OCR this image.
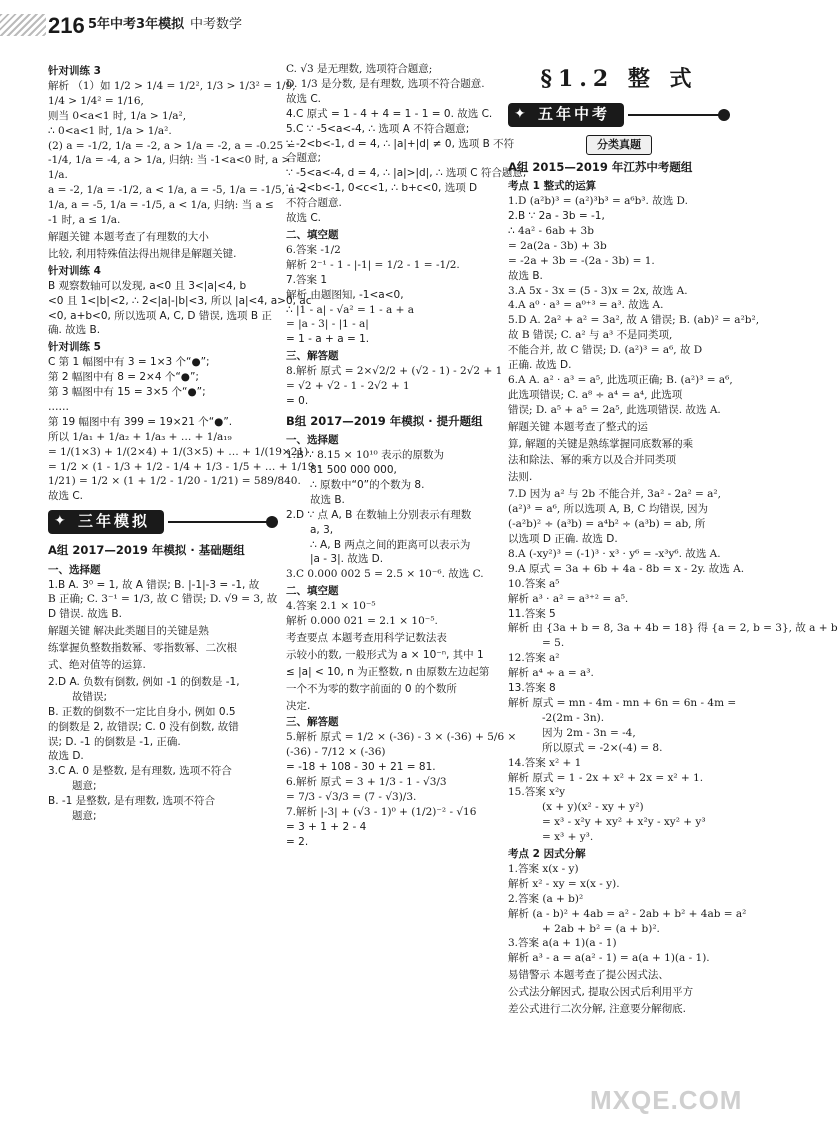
216 5年中考3年模拟 中考数学
针对训练 3
解析 （1）如 1/2 > 1/4 = 1/2², 1/3 > 1/3² = 1/9,
1/4 > 1/4² = 1/16,
则当 0<a<1 时, 1/a > 1/a²,
∴ 0<a<1 时, 1/a > 1/a².
(2) a = -1/2, 1/a = -2, a > 1/a = -2, a = -0.25 =
-1/4, 1/a = -4, a > 1/a, 归纳: 当 -1<a<0 时, a >
1/a.
a = -2, 1/a = -1/2, a < 1/a, a = -5, 1/a = -1/5, a <
1/a, a = -5, 1/a = -1/5, a < 1/a, 归纳: 当 a ≤
-1 时, a ≤ 1/a.
解题关键 本题考查了有理数的大小
比较, 利用特殊值法得出规律是解题关键.
针对训练 4
B 观察数轴可以发现, a<0 且 3<|a|<4, b
<0 且 1<|b|<2, ∴ 2<|a|-|b|<3, 所以 |a|<4, a>0, ac
<0, a+b<0, 所以选项 A, C, D 错误, 选项 B 正
确. 故选 B.
针对训练 5
C 第 1 幅图中有 3 = 1×3 个“●”;
第 2 幅图中有 8 = 2×4 个“●”;
第 3 幅图中有 15 = 3×5 个“●”;
……
第 19 幅图中有 399 = 19×21 个“●”.
所以 1/a₁ + 1/a₂ + 1/a₃ + … + 1/a₁₉
= 1/(1×3) + 1/(2×4) + 1/(3×5) + … + 1/(19×21)
= 1/2 × (1 - 1/3 + 1/2 - 1/4 + 1/3 - 1/5 + … + 1/19 -
1/21) = 1/2 × (1 + 1/2 - 1/20 - 1/21) = 589/840.
故选 C.
三年模拟
✦
A组 2017—2019 年模拟 · 基础题组
一、选择题
1.B A. 3⁰ = 1, 故 A 错误; B. |-1|-3 = -1, 故
B 正确; C. 3⁻¹ = 1/3, 故 C 错误; D. √9 = 3, 故
D 错误. 故选 B.
解题关键 解决此类题目的关键是熟
练掌握负整数指数幂、零指数幂、二次根
式、绝对值等的运算.
2.D A. 负数有倒数, 例如 -1 的倒数是 -1,
故错误;
B. 正数的倒数不一定比自身小, 例如 0.5
的倒数是 2, 故错误; C. 0 没有倒数, 故错
误; D. -1 的倒数是 -1, 正确.
故选 D.
3.C A. 0 是整数, 是有理数, 选项不符合
题意;
B. -1 是整数, 是有理数, 选项不符合
题意;
C. √3 是无理数, 选项符合题意;
D. 1/3 是分数, 是有理数, 选项不符合题意.
故选 C.
4.C 原式 = 1 - 4 + 4 = 1 - 1 = 0. 故选 C.
5.C ∵ -5<a<-4, ∴ 选项 A 不符合题意;
∵ -2<b<-1, d = 4, ∴ |a|+|d| ≠ 0, 选项 B 不符
合题意;
∵ -5<a<-4, d = 4, ∴ |a|>|d|, ∴ 选项 C 符合题意;
∵ -2<b<-1, 0<c<1, ∴ b+c<0, 选项 D
不符合题意.
故选 C.
二、填空题
6.答案 -1/2
解析 2⁻¹ - 1 - |-1| = 1/2 - 1 = -1/2.
7.答案 1
解析 由题图知, -1<a<0,
∴ |1 - a| - √a² = 1 - a + a
= |a - 3| - |1 - a|
= 1 - a + a = 1.
三、解答题
8.解析 原式 = 2×√2/2 + (√2 - 1) - 2√2 + 1
= √2 + √2 - 1 - 2√2 + 1
= 0.
B组 2017—2019 年模拟 · 提升题组
一、选择题
1.B ∵ 8.15 × 10¹⁰ 表示的原数为
81 500 000 000,
∴ 原数中“0”的个数为 8.
故选 B.
2.D ∵ 点 A, B 在数轴上分别表示有理数
a, 3,
∴ A, B 两点之间的距离可以表示为
|a - 3|. 故选 D.
3.C 0.000 002 5 = 2.5 × 10⁻⁶. 故选 C.
二、填空题
4.答案 2.1 × 10⁻⁵
解析 0.000 021 = 2.1 × 10⁻⁵.
考查要点 本题考查用科学记数法表
示较小的数, 一般形式为 a × 10⁻ⁿ, 其中 1
≤ |a| < 10, n 为正整数, n 由原数左边起第
一个不为零的数字前面的 0 的个数所
决定.
三、解答题
5.解析 原式 = 1/2 × (-36) - 3 × (-36) + 5/6 ×
(-36) - 7/12 × (-36)
= -18 + 108 - 30 + 21 = 81.
6.解析 原式 = 3 + 1/3 - 1 - √3/3
= 7/3 - √3/3 = (7 - √3)/3.
7.解析 |-3| + (√3 - 1)⁰ + (1/2)⁻² - √16
= 3 + 1 + 2 - 4
= 2.
§1.2 整 式
五年中考
✦
分类真题
A组 2015—2019 年江苏中考题组
考点 1 整式的运算
1.D (a²b)³ = (a²)³b³ = a⁶b³. 故选 D.
2.B ∵ 2a - 3b = -1,
∴ 4a² - 6ab + 3b
= 2a(2a - 3b) + 3b
= -2a + 3b = -(2a - 3b) = 1.
故选 B.
3.A 5x - 3x = (5 - 3)x = 2x, 故选 A.
4.A a⁰ · a³ = a⁰⁺³ = a³. 故选 A.
5.D A. 2a² + a² = 3a², 故 A 错误; B. (ab)² = a²b²,
故 B 错误; C. a² 与 a³ 不是同类项,
不能合并, 故 C 错误; D. (a²)³ = a⁶, 故 D
正确. 故选 D.
6.A A. a² · a³ = a⁵, 此选项正确; B. (a²)³ = a⁶,
此选项错误; C. a⁸ ÷ a⁴ = a⁴, 此选项
错误; D. a⁵ + a⁵ = 2a⁵, 此选项错误. 故选 A.
解题关键 本题考查了整式的运
算, 解题的关键是熟练掌握同底数幂的乘
法和除法、幂的乘方以及合并同类项
法则.
7.D 因为 a² 与 2b 不能合并, 3a² - 2a² = a²,
(a²)³ = a⁶, 所以选项 A, B, C 均错误, 因为
(-a²b)² ÷ (a³b) = a⁴b² ÷ (a³b) = ab, 所
以选项 D 正确. 故选 D.
8.A (-xy²)³ = (-1)³ · x³ · y⁶ = -x³y⁶. 故选 A.
9.A 原式 = 3a + 6b + 4a - 8b = x - 2y. 故选 A.
10.答案 a⁵
解析 a³ · a² = a³⁺² = a⁵.
11.答案 5
解析 由 {3a + b = 8, 3a + 4b = 18} 得 {a = 2, b = 3}, 故 a + b
= 5.
12.答案 a²
解析 a⁴ ÷ a = a³.
13.答案 8
解析 原式 = mn - 4m - mn + 6n = 6n - 4m =
-2(2m - 3n).
因为 2m - 3n = -4,
所以原式 = -2×(-4) = 8.
14.答案 x² + 1
解析 原式 = 1 - 2x + x² + 2x = x² + 1.
15.答案 x²y
(x + y)(x² - xy + y²)
= x³ - x²y + xy² + x²y - xy² + y³
= x³ + y³.
考点 2 因式分解
1.答案 x(x - y)
解析 x² - xy = x(x - y).
2.答案 (a + b)²
解析 (a - b)² + 4ab = a² - 2ab + b² + 4ab = a²
+ 2ab + b² = (a + b)².
3.答案 a(a + 1)(a - 1)
解析 a³ - a = a(a² - 1) = a(a + 1)(a - 1).
易错警示 本题考查了提公因式法、
公式法分解因式, 提取公因式后利用平方
差公式进行二次分解, 注意要分解彻底.
MXQE.COM
